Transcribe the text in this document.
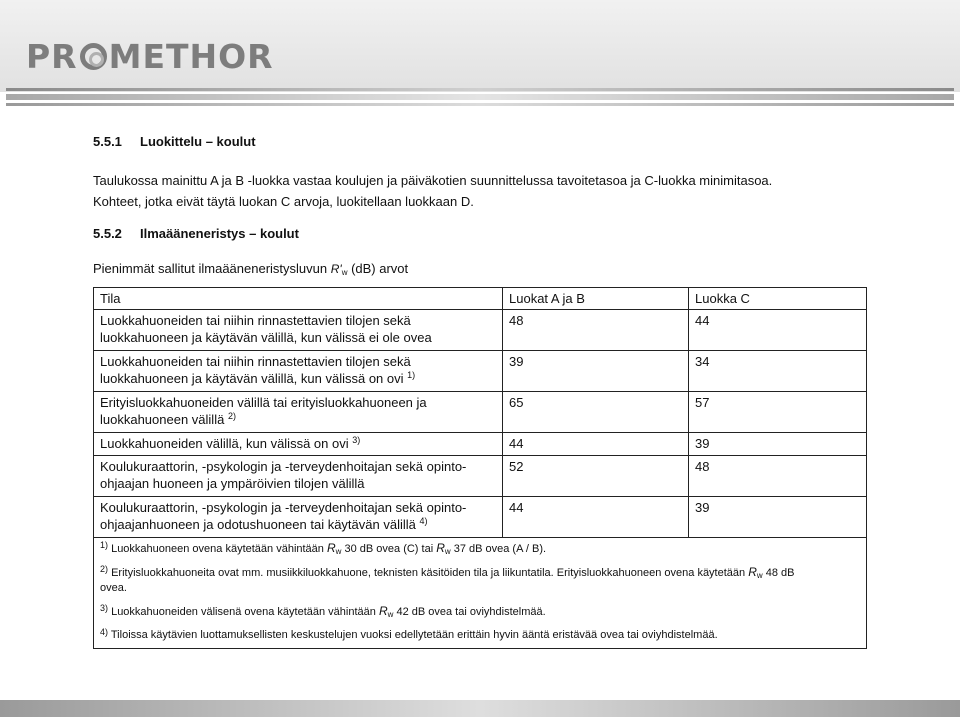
PR METHOR
5.5.1 Luokittelu – koulut
Taulukossa mainittu A ja B -luokka vastaa koulujen ja päiväkotien suunnittelussa tavoitetasoa ja C-luokka minimitasoa.
Kohteet, jotka eivät täytä luokan C arvoja, luokitellaan luokkaan D.
5.5.2 Ilmaääneneristys – koulut
Pienimmät sallitut ilmaääneneristysluvun R'w (dB) arvot
Tila	Luokat A ja B	Luokka C

Luokkahuoneiden tai niihin rinnastettavien tilojen sekä
luokkahuoneen ja käytävän välillä, kun välissä ei ole ovea	48	44

Luokkahuoneiden tai niihin rinnastettavien tilojen sekä
luokkahuoneen ja käytävän välillä, kun välissä on ovi $^{1)}$	39	34

Erityisluokkahuoneiden välillä tai erityisluokkahuoneen ja
luokkahuoneen välillä $^{2)}$	65	57
Luokkahuoneiden välillä, kun välissä on ovi $^{3)}$	44	39

Koulukuraattorin, -psykologin ja -terveydenhoitajan sekä opinto-
ohjaajan huoneen ja ympäröivien tilojen välillä	52	48

Koulukuraattorin, -psykologin ja -terveydenhoitajan sekä opinto-
ohjaajanhuoneen ja odotushuoneen tai käytävän välillä $^{4)}$	44	39

$^{1)}$ Luokkahuoneen ovena käytetään vähintään Rw 30 dB ovea (C) tai Rw 37 dB ovea (A / B).
$^{2)}$ Erityisluokkahuoneita ovat mm. musiikkiluokkahuone, teknisten käsitöiden tila ja liikuntatila. Erityisluokkahuoneen ovena käytetään Rw 48 dB
ovea.
$^{3)}$ Luokkahuoneiden välisenä ovena käytetään vähintään Rw 42 dB ovea tai oviyhdistelmää.
$^{4)}$ Tiloissa käytävien luottamuksellisten keskustelujen vuoksi edellytetään erittäin hyvin ääntä eristävää ovea tai oviyhdistelmää.		
